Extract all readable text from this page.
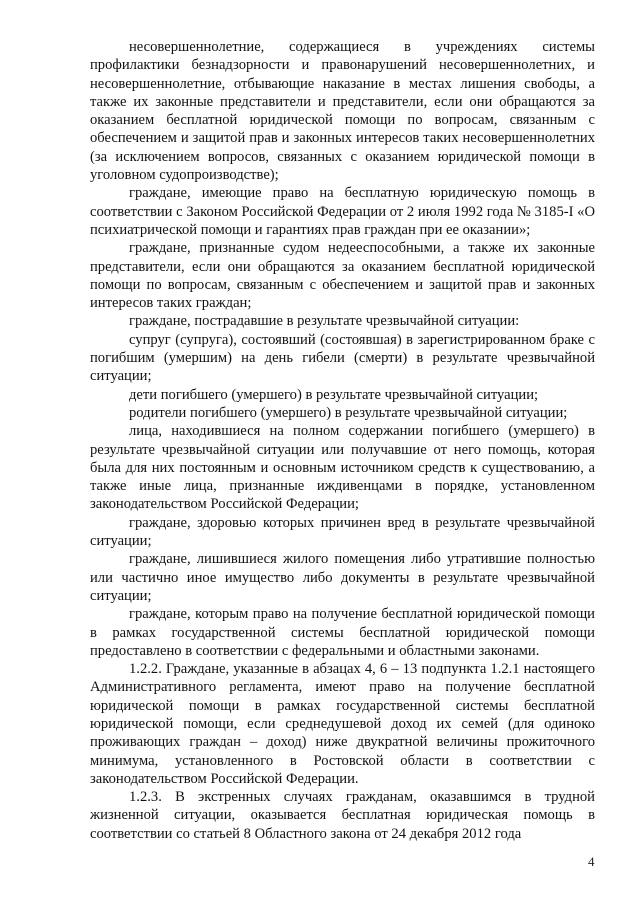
несовершеннолетние, содержащиеся в учреждениях системы профилактики безнадзорности и правонарушений несовершеннолетних, и несовершеннолетние, отбывающие наказание в местах лишения свободы, а также их законные представители и представители, если они обращаются за оказанием бесплатной юридической помощи по вопросам, связанным с обеспечением и защитой прав и законных интересов таких несовершеннолетних (за исключением вопросов, связанных с оказанием юридической помощи в уголовном судопроизводстве);

граждане, имеющие право на бесплатную юридическую помощь в соответствии с Законом Российской Федерации от 2 июля 1992 года № 3185-I «О психиатрической помощи и гарантиях прав граждан при ее оказании»;

граждане, признанные судом недееспособными, а также их законные представители, если они обращаются за оказанием бесплатной юридической помощи по вопросам, связанным с обеспечением и защитой прав и законных интересов таких граждан;

граждане, пострадавшие в результате чрезвычайной ситуации:

супруг (супруга), состоявший (состоявшая) в зарегистрированном браке с погибшим (умершим) на день гибели (смерти) в результате чрезвычайной ситуации;

дети погибшего (умершего) в результате чрезвычайной ситуации;

родители погибшего (умершего) в результате чрезвычайной ситуации;

лица, находившиеся на полном содержании погибшего (умершего) в результате чрезвычайной ситуации или получавшие от него помощь, которая была для них постоянным и основным источником средств к существованию, а также иные лица, признанные иждивенцами в порядке, установленном законодательством Российской Федерации;

граждане, здоровью которых причинен вред в результате чрезвычайной ситуации;

граждане, лишившиеся жилого помещения либо утратившие полностью или частично иное имущество либо документы в результате чрезвычайной ситуации;

граждане, которым право на получение бесплатной юридической помощи в рамках государственной системы бесплатной юридической помощи предоставлено в соответствии с федеральными и областными законами.

1.2.2. Граждане, указанные в абзацах 4, 6 – 13 подпункта 1.2.1 настоящего Административного регламента, имеют право на получение бесплатной юридической помощи в рамках государственной системы бесплатной юридической помощи, если среднедушевой доход их семей (для одиноко проживающих граждан – доход) ниже двукратной величины прожиточного минимума, установленного в Ростовской области в соответствии с законодательством Российской Федерации.

1.2.3. В экстренных случаях гражданам, оказавшимся в трудной жизненной ситуации, оказывается бесплатная юридическая помощь в соответствии со статьей 8 Областного закона от 24 декабря 2012 года

4
